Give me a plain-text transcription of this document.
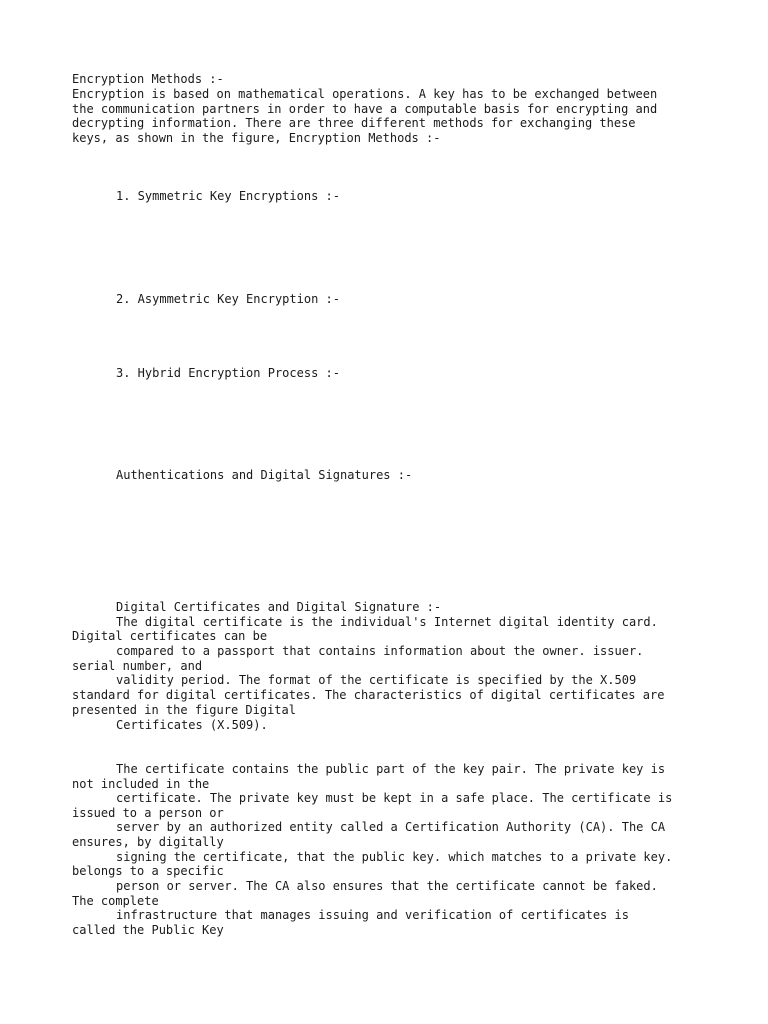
Encryption Methods :-
Encryption is based on mathematical operations. A key has to be exchanged between
the communication partners in order to have a computable basis for encrypting and
decrypting information. There are three different methods for exchanging these
keys, as shown in the figure, Encryption Methods :-
1. Symmetric Key Encryptions :-
2. Asymmetric Key Encryption :-
3. Hybrid Encryption Process :-
Authentications and Digital Signatures :-
Digital Certificates and Digital Signature :-
The digital certificate is the individual's Internet digital identity card.
Digital certificates can be
compared to a passport that contains information about the owner. issuer.
serial number, and
validity period. The format of the certificate is specified by the X.509
standard for digital certificates. The characteristics of digital certificates are
presented in the figure Digital
Certificates (X.509).
The certificate contains the public part of the key pair. The private key is
not included in the
certificate. The private key must be kept in a safe place. The certificate is
issued to a person or
server by an authorized entity called a Certification Authority (CA). The CA
ensures, by digitally
signing the certificate, that the public key. which matches to a private key.
belongs to a specific
person or server. The CA also ensures that the certificate cannot be faked.
The complete
infrastructure that manages issuing and verification of certificates is
called the Public Key
